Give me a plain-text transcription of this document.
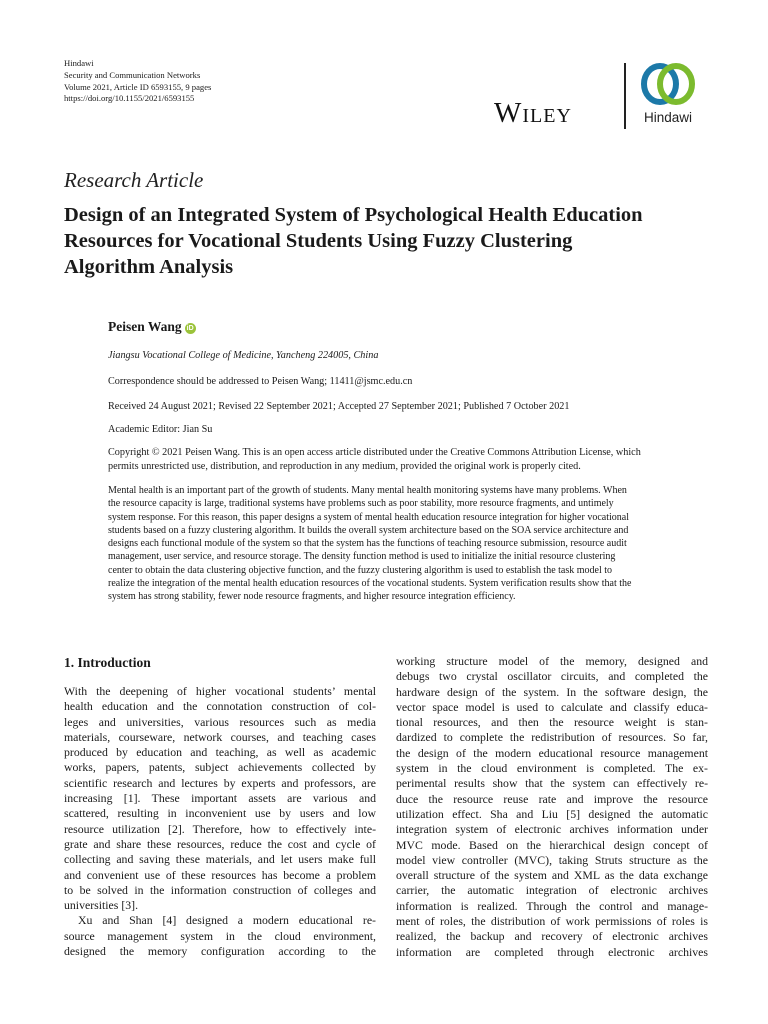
Hindawi
Security and Communication Networks
Volume 2021, Article ID 6593155, 9 pages
https://doi.org/10.1155/2021/6593155	Wiley	Hindawi
Research Article
Design of an Integrated System of Psychological Health Education
Resources for Vocational Students Using Fuzzy Clustering
Algorithm Analysis
Peisen Wang iD
Jiangsu Vocational College of Medicine, Yancheng 224005, China
Correspondence should be addressed to Peisen Wang; 11411@jsmc.edu.cn
Received 24 August 2021; Revised 22 September 2021; Accepted 27 September 2021; Published 7 October 2021
Academic Editor: Jian Su
Copyright © 2021 Peisen Wang. This is an open access article distributed under the Creative Commons Attribution License, which
permits unrestricted use, distribution, and reproduction in any medium, provided the original work is properly cited.
Mental health is an important part of the growth of students. Many mental health monitoring systems have many problems. When
the resource capacity is large, traditional systems have problems such as poor stability, more resource fragments, and untimely
system response. For this reason, this paper designs a system of mental health education resource integration for higher vocational
students based on a fuzzy clustering algorithm. It builds the overall system architecture based on the SOA service architecture and
designs each functional module of the system so that the system has the functions of teaching resource submission, resource audit
management, user service, and resource storage. The density function method is used to initialize the initial resource clustering
center to obtain the data clustering objective function, and the fuzzy clustering algorithm is used to establish the task model to
realize the integration of the mental health education resources of the vocational students. System verification results show that the
system has strong stability, fewer node resource fragments, and higher resource integration efficiency.
1. Introduction
With the deepening of higher vocational students’ mental
health education and the connotation construction of col-
leges and universities, various resources such as media
materials, courseware, network courses, and teaching cases
produced by education and teaching, as well as academic
works, papers, patents, subject achievements collected by
scientific research and lectures by experts and professors, are
increasing [1]. These important assets are various and
scattered, resulting in inconvenient use by users and low
resource utilization [2]. Therefore, how to effectively inte-
grate and share these resources, reduce the cost and cycle of
collecting and saving these materials, and let users make full
and convenient use of these resources has become a problem
to be solved in the information construction of colleges and
universities [3].
Xu and Shan [4] designed a modern educational re-
source management system in the cloud environment,
designed the memory configuration according to the
working structure model of the memory, designed and
debugs two crystal oscillator circuits, and completed the
hardware design of the system. In the software design, the
vector space model is used to calculate and classify educa-
tional resources, and then the resource weight is stan-
dardized to complete the redistribution of resources. So far,
the design of the modern educational resource management
system in the cloud environment is completed. The ex-
perimental results show that the system can effectively re-
duce the resource reuse rate and improve the resource
utilization effect. Sha and Liu [5] designed the automatic
integration system of electronic archives information under
MVC mode. Based on the hierarchical design concept of
model view controller (MVC), taking Struts structure as the
overall structure of the system and XML as the data exchange
carrier, the automatic integration of electronic archives
information is realized. Through the control and manage-
ment of roles, the distribution of work permissions of roles is
realized, the backup and recovery of electronic archives
information are completed through electronic archives
